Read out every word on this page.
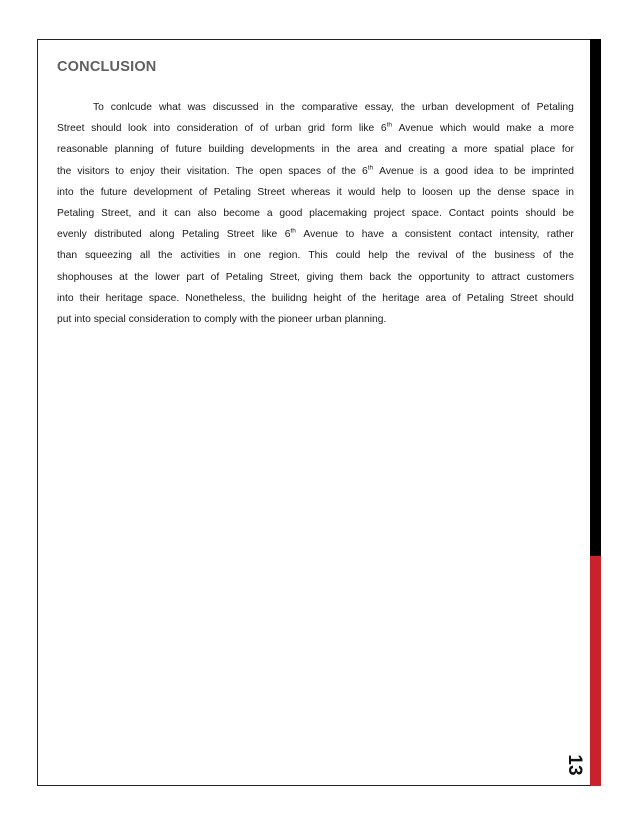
CONCLUSION
To conlcude what was discussed in the comparative essay, the urban development of Petaling
Street should look into consideration of of urban grid form like 6th Avenue which would make a more
reasonable planning of future building developments in the area and creating a more spatial place for
the visitors to enjoy their visitation. The open spaces of the 6th Avenue is a good idea to be imprinted
into the future development of Petaling Street whereas it would help to loosen up the dense space in
Petaling Street, and it can also become a good placemaking project space. Contact points should be
evenly distributed along Petaling Street like 6th Avenue to have a consistent contact intensity, rather
than squeezing all the activities in one region. This could help the revival of the business of the
shophouses at the lower part of Petaling Street, giving them back the opportunity to attract customers
into their heritage space. Nonetheless, the builidng height of the heritage area of Petaling Street should
put into special consideration to comply with the pioneer urban planning.
13
